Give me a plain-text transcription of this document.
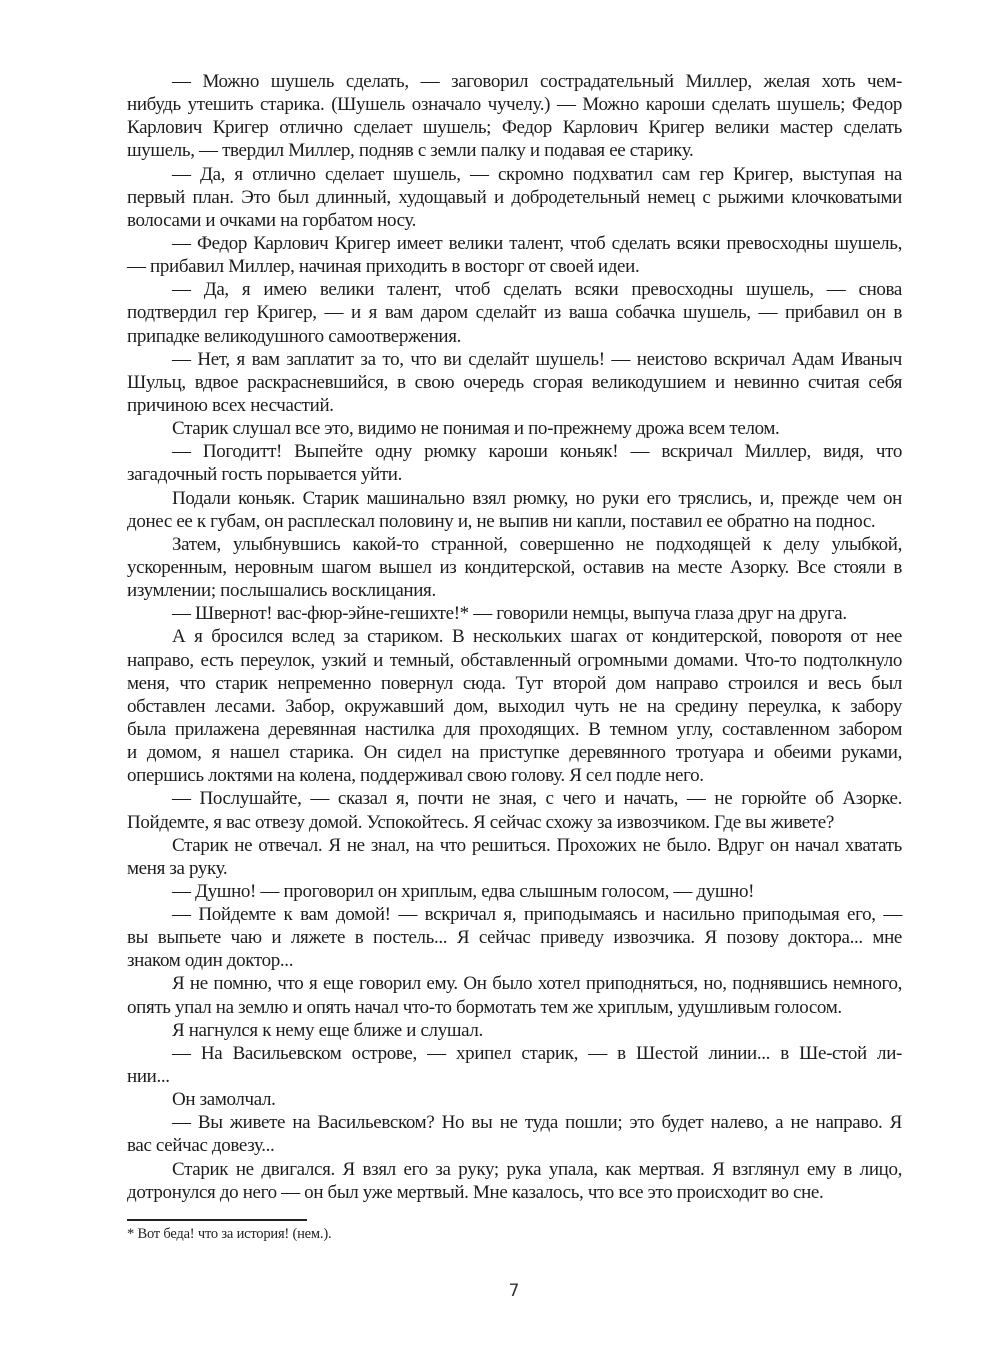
— Можно шушель сделать, — заговорил сострадательный Миллер, желая хоть чем-
нибудь утешить старика. (Шушель означало чучелу.) — Можно кароши сделать шушель; Федор
Карлович Кригер отлично сделает шушель; Федор Карлович Кригер велики мастер сделать
шушель, — твердил Миллер, подняв с земли палку и подавая ее старику.
— Да, я отлично сделает шушель, — скромно подхватил сам гер Кригер, выступая на
первый план. Это был длинный, худощавый и добродетельный немец с рыжими клочковатыми
волосами и очками на горбатом носу.
— Федор Карлович Кригер имеет велики талент, чтоб сделать всяки превосходны шушель,
— прибавил Миллер, начиная приходить в восторг от своей идеи.
— Да, я имею велики талент, чтоб сделать всяки превосходны шушель, — снова
подтвердил гер Кригер, — и я вам даром сделайт из ваша собачка шушель, — прибавил он в
припадке великодушного самоотвержения.
— Нет, я вам заплатит за то, что ви сделайт шушель! — неистово вскричал Адам Иваныч
Шульц, вдвое раскрасневшийся, в свою очередь сгорая великодушием и невинно считая себя
причиною всех несчастий.
Старик слушал все это, видимо не понимая и по-прежнему дрожа всем телом.
— Погодитт! Выпейте одну рюмку кароши коньяк! — вскричал Миллер, видя, что
загадочный гость порывается уйти.
Подали коньяк. Старик машинально взял рюмку, но руки его тряслись, и, прежде чем он
донес ее к губам, он расплескал половину и, не выпив ни капли, поставил ее обратно на поднос.
Затем, улыбнувшись какой-то странной, совершенно не подходящей к делу улыбкой,
ускоренным, неровным шагом вышел из кондитерской, оставив на месте Азорку. Все стояли в
изумлении; послышались восклицания.
— Швернот! вас-фюр-эйне-гешихте!* — говорили немцы, выпуча глаза друг на друга.
А я бросился вслед за стариком. В нескольких шагах от кондитерской, поворотя от нее
направо, есть переулок, узкий и темный, обставленный огромными домами. Что-то подтолкнуло
меня, что старик непременно повернул сюда. Тут второй дом направо строился и весь был
обставлен лесами. Забор, окружавший дом, выходил чуть не на средину переулка, к забору
была прилажена деревянная настилка для проходящих. В темном углу, составленном забором
и домом, я нашел старика. Он сидел на приступке деревянного тротуара и обеими руками,
опершись локтями на колена, поддерживал свою голову. Я сел подле него.
— Послушайте, — сказал я, почти не зная, с чего и начать, — не горюйте об Азорке.
Пойдемте, я вас отвезу домой. Успокойтесь. Я сейчас схожу за извозчиком. Где вы живете?
Старик не отвечал. Я не знал, на что решиться. Прохожих не было. Вдруг он начал хватать
меня за руку.
— Душно! — проговорил он хриплым, едва слышным голосом, — душно!
— Пойдемте к вам домой! — вскричал я, приподымаясь и насильно приподымая его, —
вы выпьете чаю и ляжете в постель... Я сейчас приведу извозчика. Я позову доктора... мне
знаком один доктор...
Я не помню, что я еще говорил ему. Он было хотел приподняться, но, поднявшись немного,
опять упал на землю и опять начал что-то бормотать тем же хриплым, удушливым голосом.
Я нагнулся к нему еще ближе и слушал.
— На Васильевском острове, — хрипел старик, — в Шестой линии... в Ше-стой ли-
нии...
Он замолчал.
— Вы живете на Васильевском? Но вы не туда пошли; это будет налево, а не направо. Я
вас сейчас довезу...
Старик не двигался. Я взял его за руку; рука упала, как мертвая. Я взглянул ему в лицо,
дотронулся до него — он был уже мертвый. Мне казалось, что все это происходит во сне.
* Вот беда! что за история! (нем.).
7
